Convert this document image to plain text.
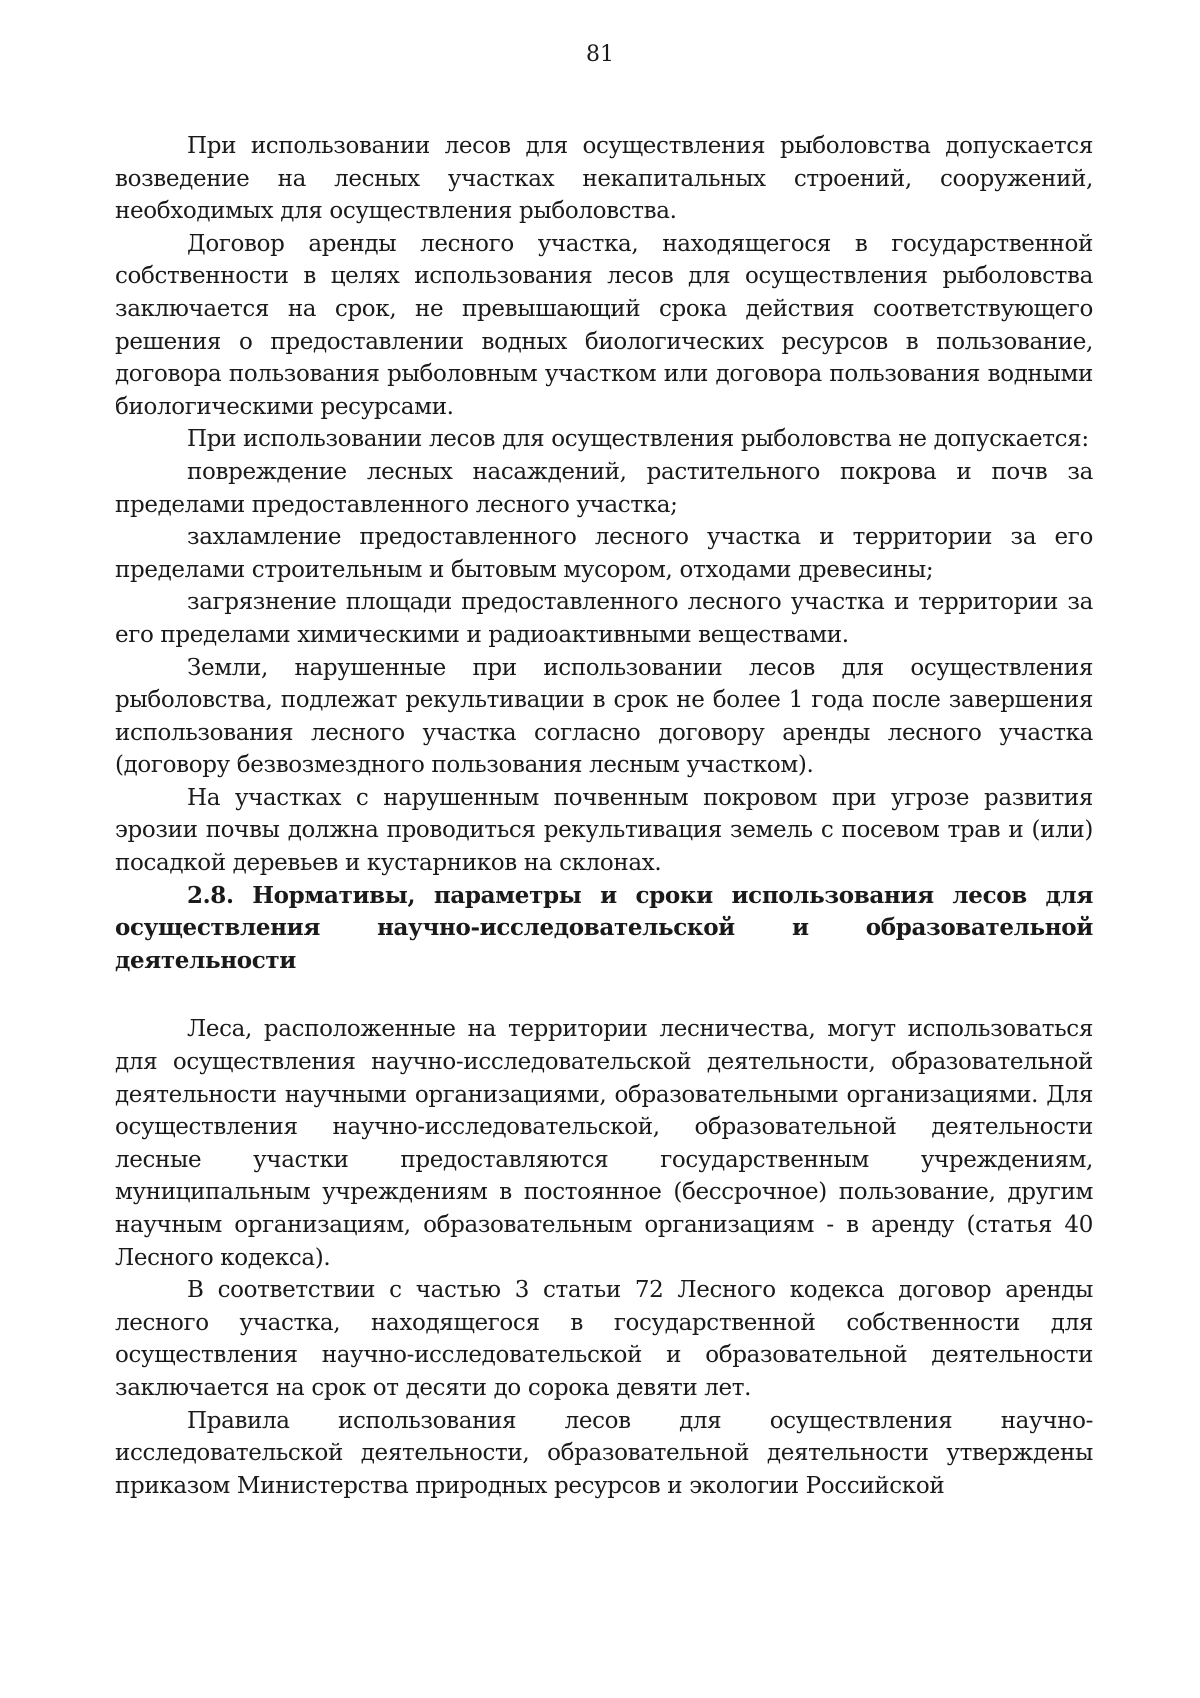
81

При использовании лесов для осуществления рыболовства допускается возведение на лесных участках некапитальных строений, сооружений, необходимых для осуществления рыболовства.

Договор аренды лесного участка, находящегося в государственной собственности в целях использования лесов для осуществления рыболовства заключается на срок, не превышающий срока действия соответствующего решения о предоставлении водных биологических ресурсов в пользование, договора пользования рыболовным участком или договора пользования водными биологическими ресурсами.

При использовании лесов для осуществления рыболовства не допускается:

повреждение лесных насаждений, растительного покрова и почв за пределами предоставленного лесного участка;

захламление предоставленного лесного участка и территории за его пределами строительным и бытовым мусором, отходами древесины;

загрязнение площади предоставленного лесного участка и территории за его пределами химическими и радиоактивными веществами.

Земли, нарушенные при использовании лесов для осуществления рыболовства, подлежат рекультивации в срок не более 1 года после завершения использования лесного участка согласно договору аренды лесного участка (договору безвозмездного пользования лесным участком).

На участках с нарушенным почвенным покровом при угрозе развития эрозии почвы должна проводиться рекультивация земель с посевом трав и (или) посадкой деревьев и кустарников на склонах.

2.8. Нормативы, параметры и сроки использования лесов для осуществления научно-исследовательской и образовательной деятельности

Леса, расположенные на территории лесничества, могут использоваться для осуществления научно-исследовательской деятельности, образовательной деятельности научными организациями, образовательными организациями. Для осуществления научно-исследовательской, образовательной деятельности лесные участки предоставляются государственным учреждениям, муниципальным учреждениям в постоянное (бессрочное) пользование, другим научным организациям, образовательным организациям - в аренду (статья 40 Лесного кодекса).

В соответствии с частью 3 статьи 72 Лесного кодекса договор аренды лесного участка, находящегося в государственной собственности для осуществления научно-исследовательской и образовательной деятельности заключается на срок от десяти до сорока девяти лет.

Правила использования лесов для осуществления научно-исследовательской деятельности, образовательной деятельности утверждены приказом Министерства природных ресурсов и экологии Российской
